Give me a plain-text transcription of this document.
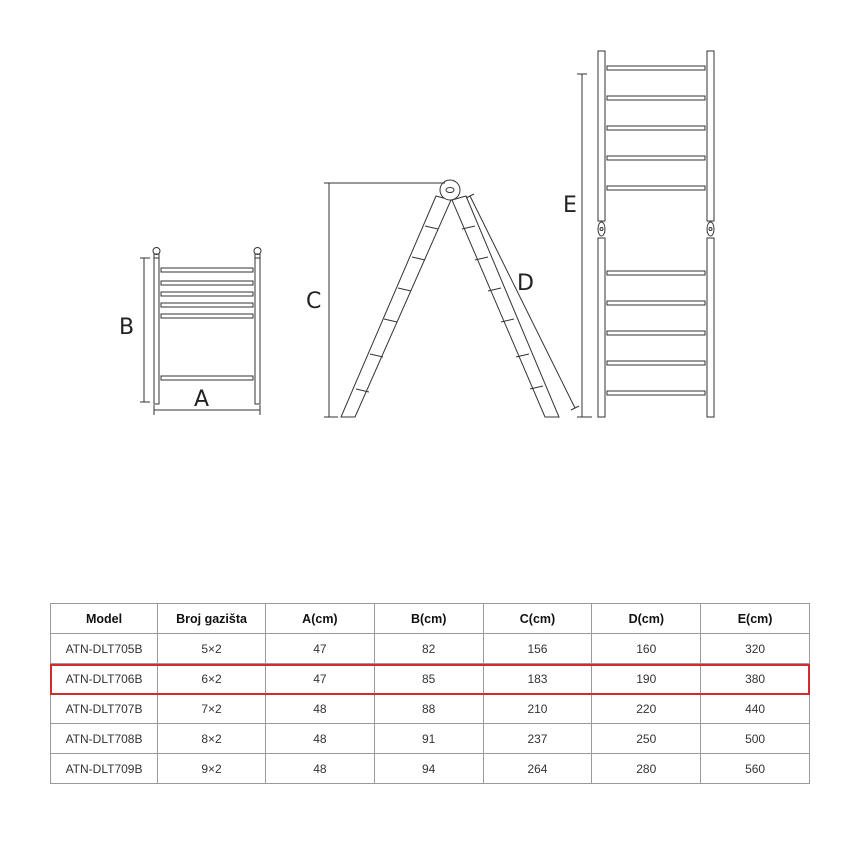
A
B
C
D
E
Model	Broj gazišta	A(cm)	B(cm)	C(cm)	D(cm)	E(cm)
ATN-DLT705B	5×2	47	82	156	160	320
ATN-DLT706B	6×2	47	85	183	190	380
ATN-DLT707B	7×2	48	88	210	220	440
ATN-DLT708B	8×2	48	91	237	250	500
ATN-DLT709B	9×2	48	94	264	280	560
